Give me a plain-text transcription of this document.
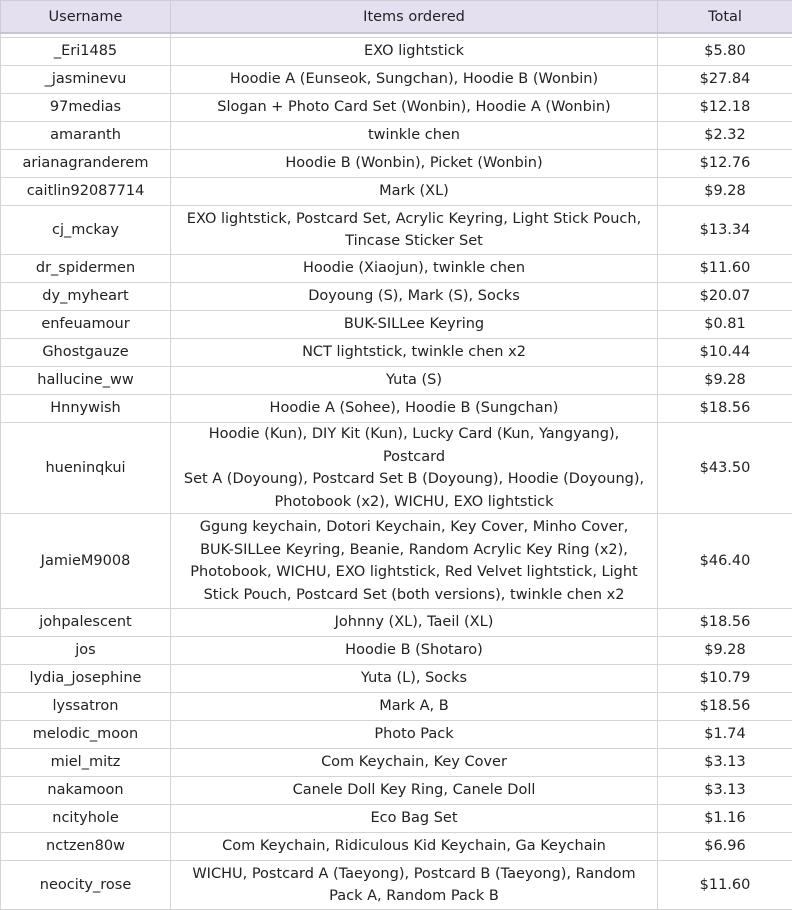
Username	Items ordered	Total

_Eri1485	EXO lightstick	$5.80
_jasminevu	Hoodie A (Eunseok, Sungchan), Hoodie B (Wonbin)	$27.84
97medias	Slogan + Photo Card Set (Wonbin), Hoodie A (Wonbin)	$12.18
amaranth	twinkle chen	$2.32
arianagranderem	Hoodie B (Wonbin), Picket (Wonbin)	$12.76
caitlin92087714	Mark (XL)	$9.28
cj_mckay	EXO lightstick, Postcard Set, Acrylic Keyring, Light Stick Pouch,
Tincase Sticker Set	$13.34
dr_spidermen	Hoodie (Xiaojun), twinkle chen	$11.60
dy_myheart	Doyoung (S), Mark (S), Socks	$20.07
enfeuamour	BUK-SILLee Keyring	$0.81
Ghostgauze	NCT lightstick, twinkle chen x2	$10.44
hallucine_ww	Yuta (S)	$9.28
Hnnywish	Hoodie A (Sohee), Hoodie B (Sungchan)	$18.56
hueninqkui	Hoodie (Kun), DIY Kit (Kun), Lucky Card (Kun, Yangyang), Postcard
Set A (Doyoung), Postcard Set B (Doyoung), Hoodie (Doyoung),
Photobook (x2), WICHU, EXO lightstick	$43.50
JamieM9008	Ggung keychain, Dotori Keychain, Key Cover, Minho Cover,
BUK-SILLee Keyring, Beanie, Random Acrylic Key Ring (x2),
Photobook, WICHU, EXO lightstick, Red Velvet lightstick, Light
Stick Pouch, Postcard Set (both versions), twinkle chen x2	$46.40
johpalescent	Johnny (XL), Taeil (XL)	$18.56
jos	Hoodie B (Shotaro)	$9.28
lydia_josephine	Yuta (L), Socks	$10.79
lyssatron	Mark A, B	$18.56
melodic_moon	Photo Pack	$1.74
miel_mitz	Com Keychain, Key Cover	$3.13
nakamoon	Canele Doll Key Ring, Canele Doll	$3.13
ncityhole	Eco Bag Set	$1.16
nctzen80w	Com Keychain, Ridiculous Kid Keychain, Ga Keychain	$6.96
neocity_rose	WICHU, Postcard A (Taeyong), Postcard B (Taeyong), Random
Pack A, Random Pack B	$11.60
